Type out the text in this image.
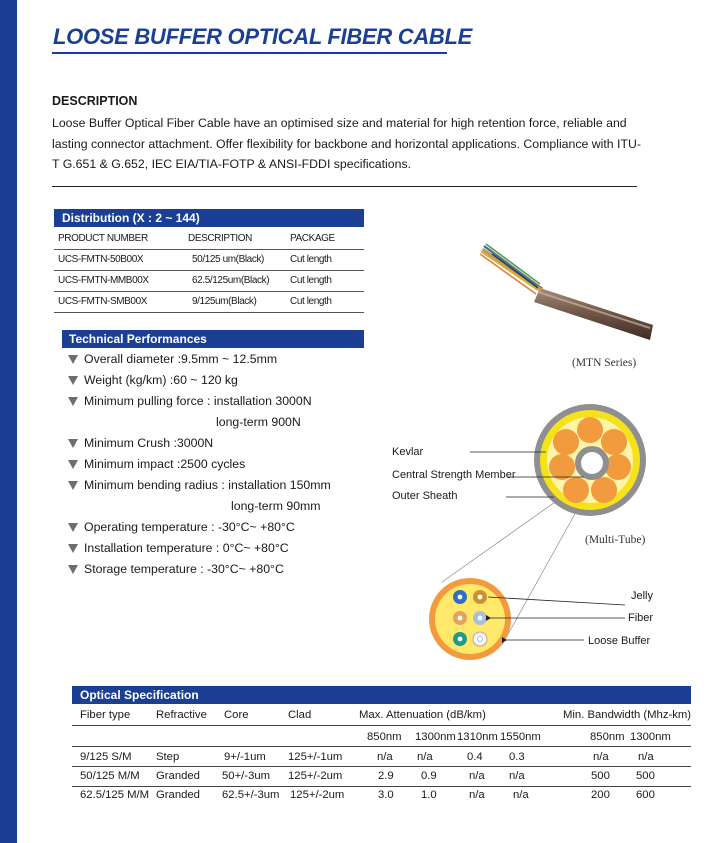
LOOSE BUFFER OPTICAL FIBER CABLE
DESCRIPTION
Loose Buffer Optical Fiber Cable have an optimised size and material for high retention force, reliable and lasting connector attachment. Offer flexibility for backbone and horizontal applications. Compliance with ITU-T G.651 & G.652, IEC EIA/TIA-FOTP & ANSI-FDDI specifications.
Distribution (X : 2 ~ 144)
PRODUCT NUMBER	DESCRIPTION	PACKAGE
UCS-FMTN-50B00X	50/125 um(Black)	Cut length
UCS-FMTN-MMB00X	62.5/125um(Black) Cut length
UCS-FMTN-SMB00X	9/125um(Black)	Cut length
Technical Performances
Overall diameter :9.5mm ~ 12.5mm
Weight (kg/km) :60 ~ 120 kg
Minimum pulling force : installation 3000N
long-term 900N
Minimum Crush :3000N
Minimum impact :2500 cycles
Minimum bending radius : installation 150mm
long-term 90mm
Operating temperature : -30°C~ +80°C
Installation temperature : 0°C~ +80°C
Storage temperature : -30°C~ +80°C
(MTN Series)
Kevlar
Central Strength Member
Outer Sheath
(Multi-Tube)
Jelly
Fiber
Loose Buffer
Optical Specification
Fiber type Refractive Core	Clad	Max. Attenuation (dB/km)	Min. Bandwidth (Mhz-km)
850nm 1300nm 1310nm 1550nm	850nm 1300nm
9/125 S/M Step	9+/-1um 125+/-1um	n/a n/a	0.4 0.3	n/a	n/a
50/125 M/M Granded 50+/-3um 125+/-2um	2.9 0.9	n/a n/a	500 500
62.5/125 M/M Granded 62.5+/-3um 125+/-2um	3.0 1.0	n/a	n/a	200 600
